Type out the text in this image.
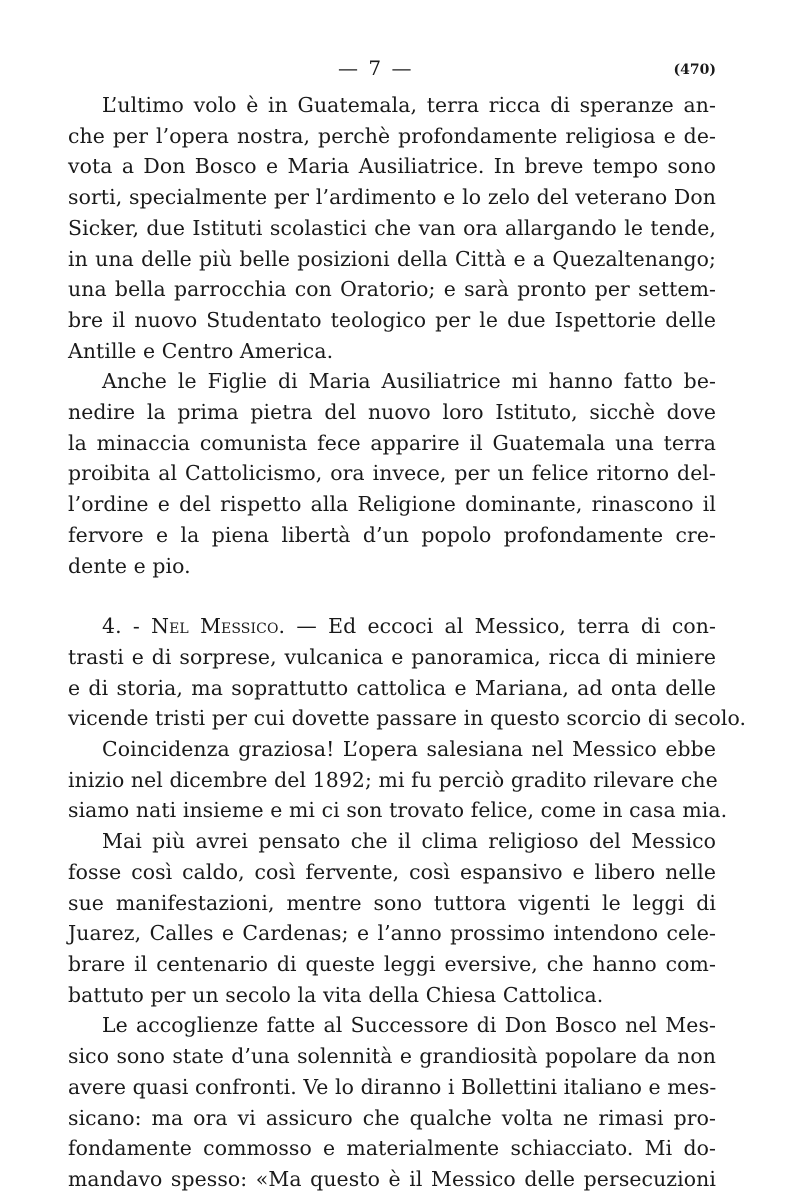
— 7 —	(470)
L’ultimo volo è in Guatemala, terra ricca di speranze an-
che per l’opera nostra, perchè profondamente religiosa e de-
vota a Don Bosco e Maria Ausiliatrice. In breve tempo sono
sorti, specialmente per l’ardimento e lo zelo del veterano Don
Sicker, due Istituti scolastici che van ora allargando le tende,
in una delle più belle posizioni della Città e a Quezaltenango;
una bella parrocchia con Oratorio; e sarà pronto per settem-
bre il nuovo Studentato teologico per le due Ispettorie delle
Antille e Centro America.
Anche le Figlie di Maria Ausiliatrice mi hanno fatto be-
nedire la prima pietra del nuovo loro Istituto, sicchè dove
la minaccia comunista fece apparire il Guatemala una terra
proibita al Cattolicismo, ora invece, per un felice ritorno del-
l’ordine e del rispetto alla Religione dominante, rinascono il
fervore e la piena libertà d’un popolo profondamente cre-
dente e pio.
4. - Nel Messico. — Ed eccoci al Messico, terra di con-
trasti e di sorprese, vulcanica e panoramica, ricca di miniere
e di storia, ma soprattutto cattolica e Mariana, ad onta delle
vicende tristi per cui dovette passare in questo scorcio di secolo.
Coincidenza graziosa! L’opera salesiana nel Messico ebbe
inizio nel dicembre del 1892; mi fu perciò gradito rilevare che
siamo nati insieme e mi ci son trovato felice, come in casa mia.
Mai più avrei pensato che il clima religioso del Messico
fosse così caldo, così fervente, così espansivo e libero nelle
sue manifestazioni, mentre sono tuttora vigenti le leggi di
Juarez, Calles e Cardenas; e l’anno prossimo intendono cele-
brare il centenario di queste leggi eversive, che hanno com-
battuto per un secolo la vita della Chiesa Cattolica.
Le accoglienze fatte al Successore di Don Bosco nel Mes-
sico sono state d’una solennità e grandiosità popolare da non
avere quasi confronti. Ve lo diranno i Bollettini italiano e mes-
sicano: ma ora vi assicuro che qualche volta ne rimasi pro-
fondamente commosso e materialmente schiacciato. Mi do-
mandavo spesso: «Ma questo è il Messico delle persecuzioni
